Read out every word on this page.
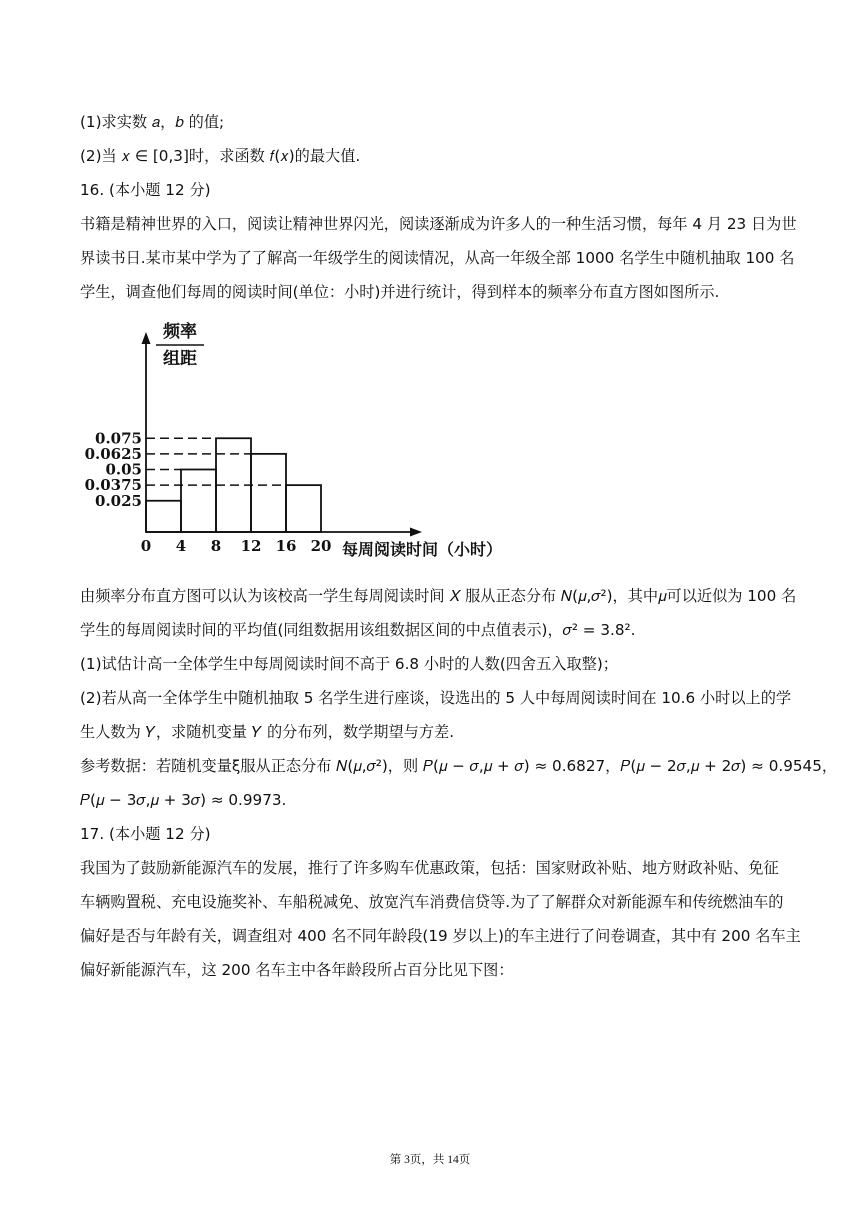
(1)求实数 𝑎，𝑏 的值;
(2)当 𝑥 ∈ [0,3]时，求函数 𝑓(𝑥)的最大值.
16. (本小题 12 分)
书籍是精神世界的入口，阅读让精神世界闪光，阅读逐渐成为许多人的一种生活习惯，每年 4 月 23 日为世
界读书日.某市某中学为了了解高一年级学生的阅读情况，从高一年级全部 1000 名学生中随机抽取 100 名
学生，调查他们每周的阅读时间(单位：小时)并进行统计，得到样本的频率分布直方图如图所示.
0.075
0.0625
0.05
0.0375
0.025
0 4 8 12 16 20 每周阅读时间（小时）
频率
组距
由频率分布直方图可以认为该校高一学生每周阅读时间 𝑋 服从正态分布 𝑁(𝜇,𝜎²)，其中𝜇可以近似为 100 名
学生的每周阅读时间的平均值(同组数据用该组数据区间的中点值表示)，𝜎² = 3.8².
(1)试估计高一全体学生中每周阅读时间不高于 6.8 小时的人数(四舍五入取整)；
(2)若从高一全体学生中随机抽取 5 名学生进行座谈，设选出的 5 人中每周阅读时间在 10.6 小时以上的学
生人数为 𝑌，求随机变量 𝑌 的分布列，数学期望与方差.
参考数据：若随机变量ξ服从正态分布 𝑁(𝜇,𝜎²)，则 𝑃(𝜇 − 𝜎,𝜇 + 𝜎) ≈ 0.6827，𝑃(𝜇 − 2𝜎,𝜇 + 2𝜎) ≈ 0.9545，
𝑃(𝜇 − 3𝜎,𝜇 + 3𝜎) ≈ 0.9973.
17. (本小题 12 分)
我国为了鼓励新能源汽车的发展，推行了许多购车优惠政策，包括：国家财政补贴、地方财政补贴、免征
车辆购置税、充电设施奖补、车船税减免、放宽汽车消费信贷等.为了了解群众对新能源车和传统燃油车的
偏好是否与年龄有关，调查组对 400 名不同年龄段(19 岁以上)的车主进行了问卷调查，其中有 200 名车主
偏好新能源汽车，这 200 名车主中各年龄段所占百分比见下图：
第 3页，共 14页
